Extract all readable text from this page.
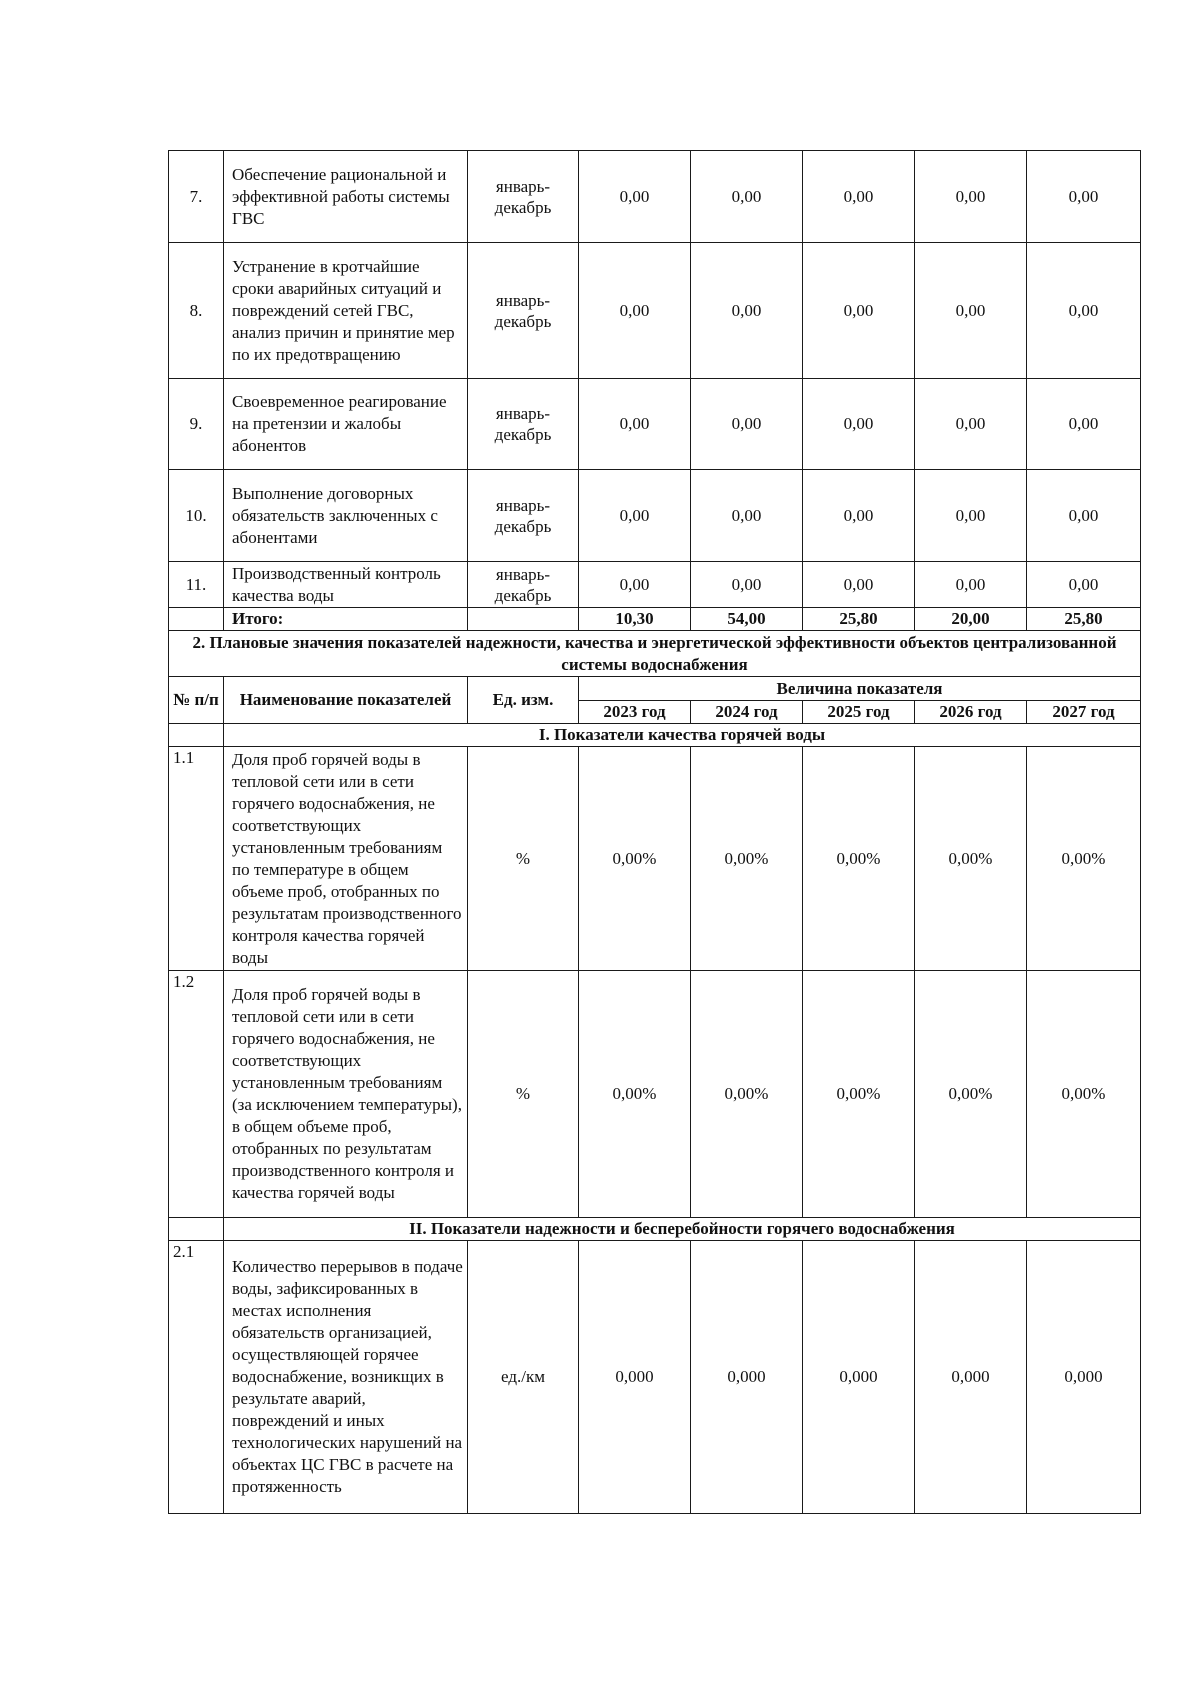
7.	Обеспечение рациональной и эффективной работы системы ГВС	январь-декабрь	0,00	0,00	0,00	0,00	0,00
8.	Устранение в кротчайшие сроки аварийных ситуаций и повреждений сетей ГВС, анализ причин и принятие мер по их предотвращению	январь-декабрь	0,00	0,00	0,00	0,00	0,00
9.	Своевременное реагирование на претензии и жалобы абонентов	январь-декабрь	0,00	0,00	0,00	0,00	0,00
10.	Выполнение договорных обязательств заключенных с абонентами	январь-декабрь	0,00	0,00	0,00	0,00	0,00
11.	Производственный контроль качества воды	январь-декабрь	0,00	0,00	0,00	0,00	0,00
	Итого:		10,30	54,00	25,80	20,00	25,80
2. Плановые значения показателей надежности, качества и энергетической эффективности объектов централизованной системы водоснабжения							
№ п/п	Наименование показателей	Ед. изм.	Величина показателя				
			2023 год	2024 год	2025 год	2026 год	2027 год
	I. Показатели качества горячей воды						
1.1	Доля проб горячей воды в тепловой сети или в сети горячего водоснабжения, не соответствующих установленным требованиям по температуре в общем объеме проб, отобранных по результатам производственного контроля качества горячей воды	%	0,00%	0,00%	0,00%	0,00%	0,00%
1.2	Доля проб горячей воды в тепловой сети или в сети горячего водоснабжения, не соответствующих установленным требованиям (за исключением температуры), в общем объеме проб, отобранных по результатам производственного контроля и качества горячей воды	%	0,00%	0,00%	0,00%	0,00%	0,00%
	II. Показатели надежности и бесперебойности горячего водоснабжения						
2.1	Количество перерывов в подаче воды, зафиксированных в местах исполнения обязательств организацией, осуществляющей горячее водоснабжение, возникщих в результате аварий, повреждений и иных технологических нарушений на объектах ЦС ГВС в расчете на протяженность	ед./км	0,000	0,000	0,000	0,000	0,000
